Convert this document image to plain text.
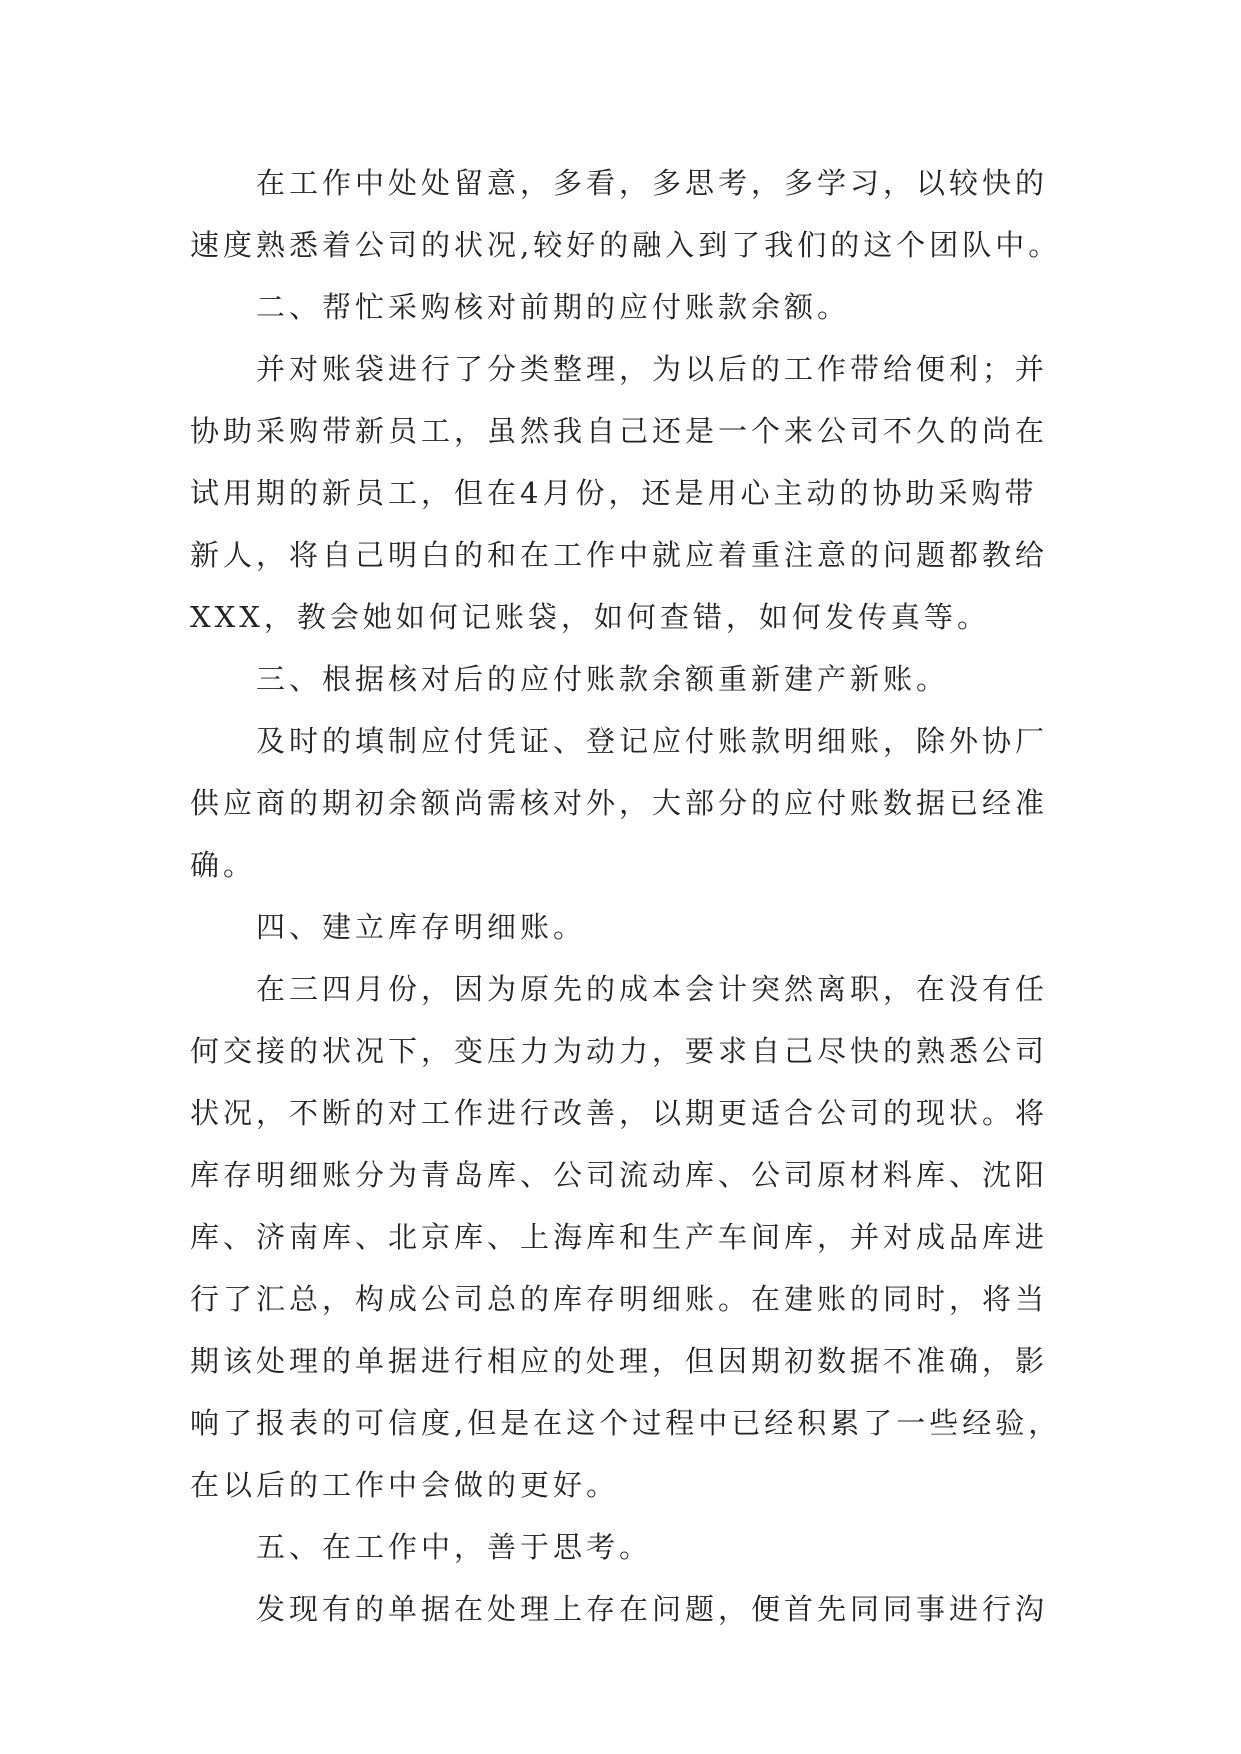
在工作中处处留意，多看，多思考，多学习，以较快的
速度熟悉着公司的状况,较好的融入到了我们的这个团队中。
二、帮忙采购核对前期的应付账款余额。
并对账袋进行了分类整理，为以后的工作带给便利；并
协助采购带新员工，虽然我自己还是一个来公司不久的尚在
试用期的新员工，但在4月份，还是用心主动的协助采购带
新人，将自己明白的和在工作中就应着重注意的问题都教给
XXX，教会她如何记账袋，如何查错，如何发传真等。
三、根据核对后的应付账款余额重新建产新账。
及时的填制应付凭证、登记应付账款明细账，除外协厂
供应商的期初余额尚需核对外，大部分的应付账数据已经准
确。
四、建立库存明细账。
在三四月份，因为原先的成本会计突然离职，在没有任
何交接的状况下，变压力为动力，要求自己尽快的熟悉公司
状况，不断的对工作进行改善，以期更适合公司的现状。将
库存明细账分为青岛库、公司流动库、公司原材料库、沈阳
库、济南库、北京库、上海库和生产车间库，并对成品库进
行了汇总，构成公司总的库存明细账。在建账的同时，将当
期该处理的单据进行相应的处理，但因期初数据不准确，影
响了报表的可信度,但是在这个过程中已经积累了一些经验，
在以后的工作中会做的更好。
五、在工作中，善于思考。
发现有的单据在处理上存在问题，便首先同同事进行沟
